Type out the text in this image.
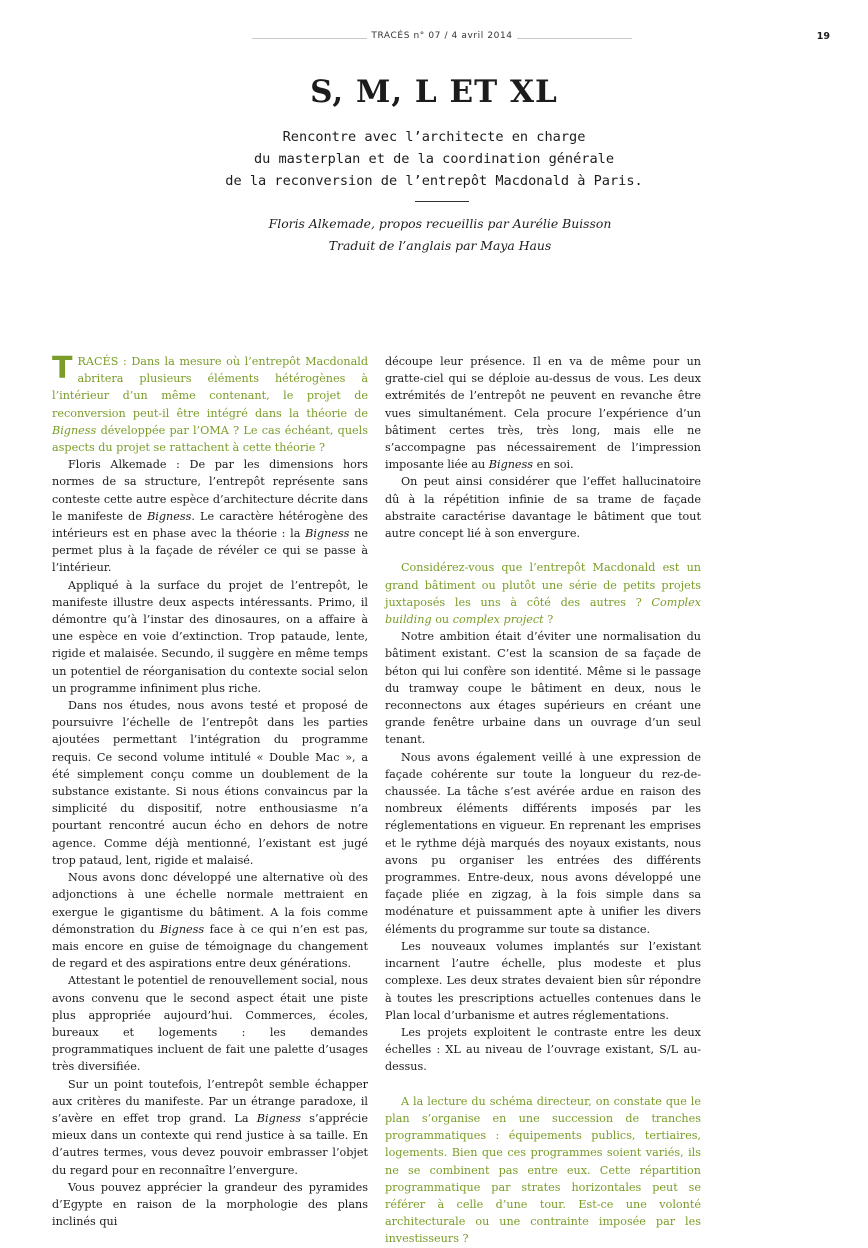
TRACÉS n° 07 / 4 avril 2014	19
S, M, L ET XL
Rencontre avec l’architecte en charge
du masterplan et de la coordination générale
de la reconversion de l’entrepôt Macdonald à Paris.
Floris Alkemade, propos recueillis par Aurélie Buisson
Traduit de l’anglais par Maya Haus

TRACÉS : Dans la mesure où l’entrepôt Macdonald abritera plusieurs éléments hétérogènes à l’intérieur d’un même contenant, le projet de reconversion peut-il être intégré dans la théorie de Bigness développée par l’OMA ? Le cas échéant, quels aspects du projet se rattachent à cette théorie ?

Floris Alkemade : De par les dimensions hors normes de sa structure, l’entrepôt représente sans conteste cette autre espèce d’architecture décrite dans le manifeste de Bigness. Le caractère hétérogène des intérieurs est en phase avec la théorie : la Bigness ne permet plus à la façade de révéler ce qui se passe à l’intérieur.

Appliqué à la surface du projet de l’entrepôt, le manifeste illustre deux aspects intéressants. Primo, il démontre qu’à l’instar des dinosaures, on a affaire à une espèce en voie d’extinction. Trop pataude, lente, rigide et malaisée. Secundo, il suggère en même temps un potentiel de réorganisation du contexte social selon un programme infiniment plus riche.

Dans nos études, nous avons testé et proposé de poursuivre l’échelle de l’entrepôt dans les parties ajoutées permettant l’intégration du programme requis. Ce second volume intitulé « Double Mac », a été simplement conçu comme un doublement de la substance existante. Si nous étions convaincus par la simplicité du dispositif, notre enthousiasme n’a pourtant rencontré aucun écho en dehors de notre agence. Comme déjà mentionné, l’existant est jugé trop pataud, lent, rigide et malaisé.

Nous avons donc développé une alternative où des adjonctions à une échelle normale mettraient en exergue le gigantisme du bâtiment. A la fois comme démonstration du Bigness face à ce qui n’en est pas, mais encore en guise de témoignage du changement de regard et des aspirations entre deux générations.

Attestant le potentiel de renouvellement social, nous avons convenu que le second aspect était une piste plus appropriée aujourd’hui. Commerces, écoles, bureaux et logements : les demandes programmatiques incluent de fait une palette d’usages très diversifiée.

Sur un point toutefois, l’entrepôt semble échapper aux critères du manifeste. Par un étrange paradoxe, il s’avère en effet trop grand. La Bigness s’apprécie mieux dans un contexte qui rend justice à sa taille. En d’autres termes, vous devez pouvoir embrasser l’objet du regard pour en reconnaître l’envergure.

Vous pouvez apprécier la grandeur des pyramides d’Egypte en raison de la morphologie des plans inclinés qui

découpe leur présence. Il en va de même pour un gratte-ciel qui se déploie au-dessus de vous. Les deux extrémités de l’entrepôt ne peuvent en revanche être vues simultanément. Cela procure l’expérience d’un bâtiment certes très, très long, mais elle ne s’accompagne pas nécessairement de l’impression imposante liée au Bigness en soi.

On peut ainsi considérer que l’effet hallucinatoire dû à la répétition infinie de sa trame de façade abstraite caractérise davantage le bâtiment que tout autre concept lié à son envergure.

Considérez-vous que l’entrepôt Macdonald est un grand bâtiment ou plutôt une série de petits projets juxtaposés les uns à côté des autres ? Complex building ou complex project ?

Notre ambition était d’éviter une normalisation du bâtiment existant. C’est la scansion de sa façade de béton qui lui confère son identité. Même si le passage du tramway coupe le bâtiment en deux, nous le reconnectons aux étages supérieurs en créant une grande fenêtre urbaine dans un ouvrage d’un seul tenant.

Nous avons également veillé à une expression de façade cohérente sur toute la longueur du rez-de-chaussée. La tâche s’est avérée ardue en raison des nombreux éléments différents imposés par les réglementations en vigueur. En reprenant les emprises et le rythme déjà marqués des noyaux existants, nous avons pu organiser les entrées des différents programmes. Entre-deux, nous avons développé une façade pliée en zigzag, à la fois simple dans sa modénature et puissamment apte à unifier les divers éléments du programme sur toute sa distance.

Les nouveaux volumes implantés sur l’existant incarnent l’autre échelle, plus modeste et plus complexe. Les deux strates devaient bien sûr répondre à toutes les prescriptions actuelles contenues dans le Plan local d’urbanisme et autres réglementations.

Les projets exploitent le contraste entre les deux échelles : XL au niveau de l’ouvrage existant, S/L au-dessus.

A la lecture du schéma directeur, on constate que le plan s’organise en une succession de tranches programmatiques : équipements publics, tertiaires, logements. Bien que ces programmes soient variés, ils ne se combinent pas entre eux. Cette répartition programmatique par strates horizontales peut se référer à celle d’une tour. Est-ce une volonté architecturale ou une contrainte imposée par les investisseurs ?
